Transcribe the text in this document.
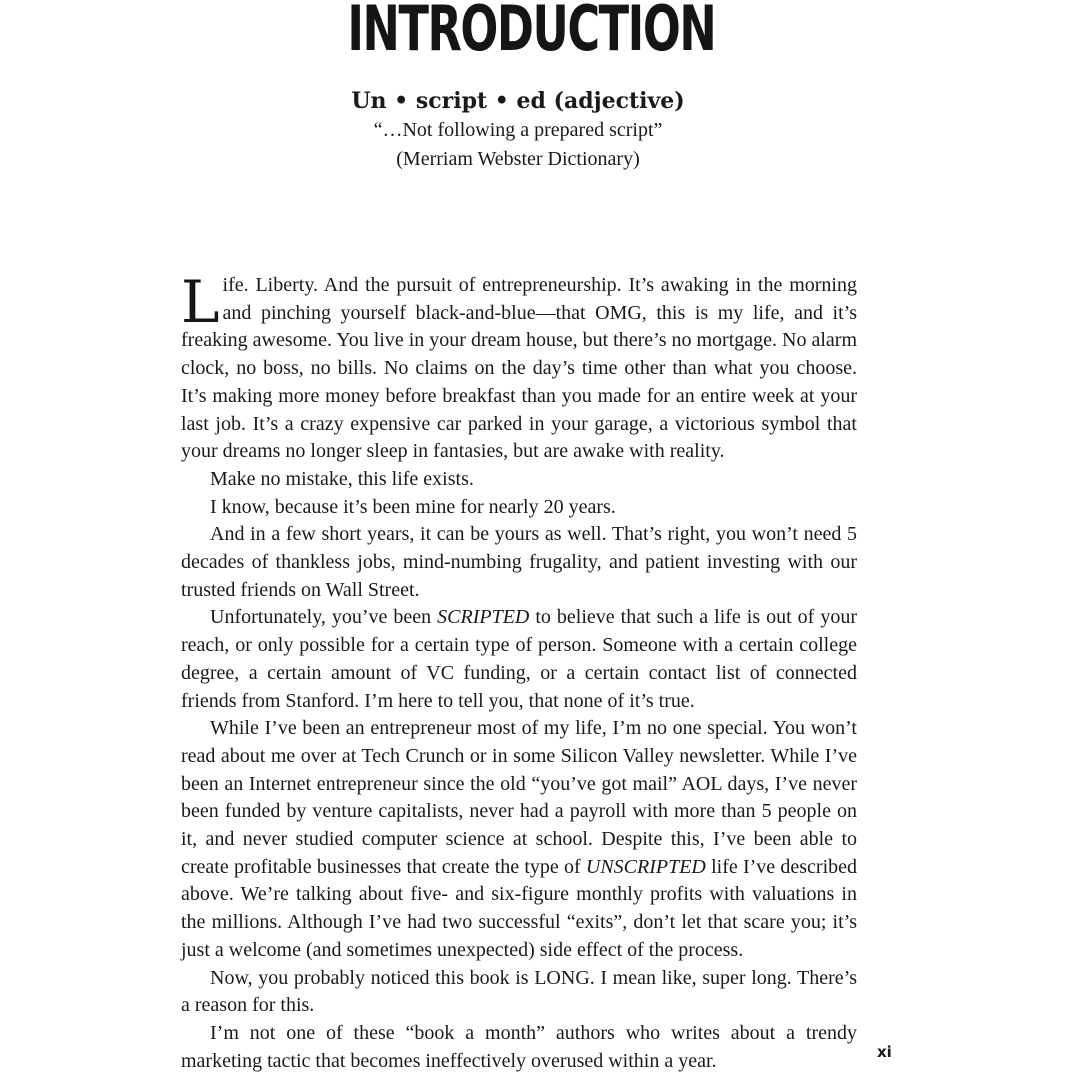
INTRODUCTION
Un • script • ed (adjective)
“…Not following a prepared script”
(Merriam Webster Dictionary)

Life. Liberty. And the pursuit of entrepreneurship. It’s awaking in the morning and pinching yourself black-and-blue—that OMG, this is my life, and it’s freaking awesome. You live in your dream house, but there’s no mortgage. No alarm clock, no boss, no bills. No claims on the day’s time other than what you choose. It’s making more money before breakfast than you made for an entire week at your last job. It’s a crazy expensive car parked in your garage, a victorious symbol that your dreams no longer sleep in fantasies, but are awake with reality.

Make no mistake, this life exists.

I know, because it’s been mine for nearly 20 years.

And in a few short years, it can be yours as well. That’s right, you won’t need 5 decades of thankless jobs, mind-numbing frugality, and patient investing with our trusted friends on Wall Street.

Unfortunately, you’ve been SCRIPTED to believe that such a life is out of your reach, or only possible for a certain type of person. Someone with a certain college degree, a certain amount of VC funding, or a certain contact list of connected friends from Stanford. I’m here to tell you, that none of it’s true.

While I’ve been an entrepreneur most of my life, I’m no one special. You won’t read about me over at Tech Crunch or in some Silicon Valley newsletter. While I’ve been an Internet entrepreneur since the old “you’ve got mail” AOL days, I’ve never been funded by venture capitalists, never had a payroll with more than 5 people on it, and never studied computer science at school. Despite this, I’ve been able to create profitable businesses that create the type of UNSCRIPTED life I’ve described above. We’re talking about five- and six-figure monthly profits with valuations in the millions. Although I’ve had two successful “exits”, don’t let that scare you; it’s just a welcome (and sometimes unexpected) side effect of the process.

Now, you probably noticed this book is LONG. I mean like, super long. There’s a reason for this.

I’m not one of these “book a month” authors who writes about a trendy marketing tactic that becomes ineffectively overused within a year.	xi
